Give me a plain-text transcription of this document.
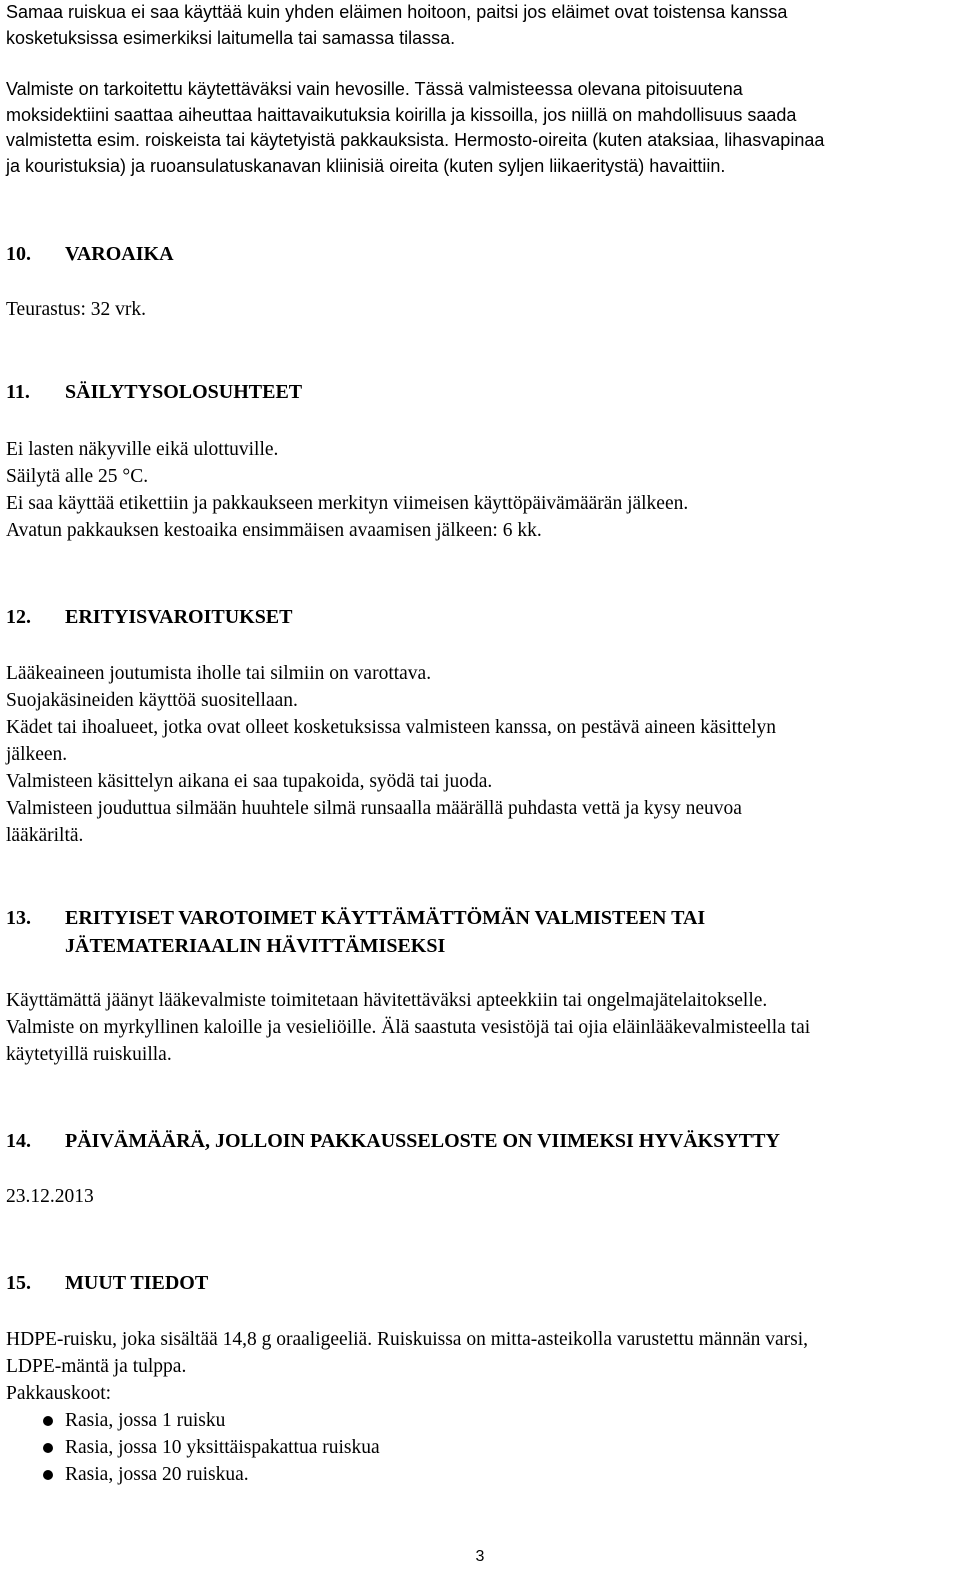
Samaa ruiskua ei saa käyttää kuin yhden eläimen hoitoon, paitsi jos eläimet ovat toistensa kanssa
kosketuksissa esimerkiksi laitumella tai samassa tilassa.
Valmiste on tarkoitettu käytettäväksi vain hevosille. Tässä valmisteessa olevana pitoisuutena
moksidektiini saattaa aiheuttaa haittavaikutuksia koirilla ja kissoilla, jos niillä on mahdollisuus saada
valmistetta esim. roiskeista tai käytetyistä pakkauksista. Hermosto-oireita (kuten ataksiaa, lihasvapinaa
ja kouristuksia) ja ruoansulatuskanavan kliinisiä oireita (kuten syljen liikaeritystä) havaittiin.
10. VAROAIKA
Teurastus: 32 vrk.
11. SÄILYTYSOLOSUHTEET
Ei lasten näkyville eikä ulottuville.
Säilytä alle 25 °C.
Ei saa käyttää etikettiin ja pakkaukseen merkityn viimeisen käyttöpäivämäärän jälkeen.
Avatun pakkauksen kestoaika ensimmäisen avaamisen jälkeen: 6 kk.
12. ERITYISVAROITUKSET
Lääkeaineen joutumista iholle tai silmiin on varottava.
Suojakäsineiden käyttöä suositellaan.
Kädet tai ihoalueet, jotka ovat olleet kosketuksissa valmisteen kanssa, on pestävä aineen käsittelyn
jälkeen.
Valmisteen käsittelyn aikana ei saa tupakoida, syödä tai juoda.
Valmisteen jouduttua silmään huuhtele silmä runsaalla määrällä puhdasta vettä ja kysy neuvoa
lääkäriltä.
13. ERITYISET VAROTOIMET KÄYTTÄMÄTTÖMÄN VALMISTEEN TAI
JÄTEMATERIAALIN HÄVITTÄMISEKSI
Käyttämättä jäänyt lääkevalmiste toimitetaan hävitettäväksi apteekkiin tai ongelmajätelaitokselle.
Valmiste on myrkyllinen kaloille ja vesieliöille. Älä saastuta vesistöjä tai ojia eläinlääkevalmisteella tai
käytetyillä ruiskuilla.
14. PÄIVÄMÄÄRÄ, JOLLOIN PAKKAUSSELOSTE ON VIIMEKSI HYVÄKSYTTY
23.12.2013
15. MUUT TIEDOT
HDPE-ruisku, joka sisältää 14,8 g oraaligeeliä. Ruiskuissa on mitta-asteikolla varustettu männän varsi,
LDPE-mäntä ja tulppa.
Pakkauskoot:
Rasia, jossa 1 ruisku
Rasia, jossa 10 yksittäispakattua ruiskua
Rasia, jossa 20 ruiskua.
3
